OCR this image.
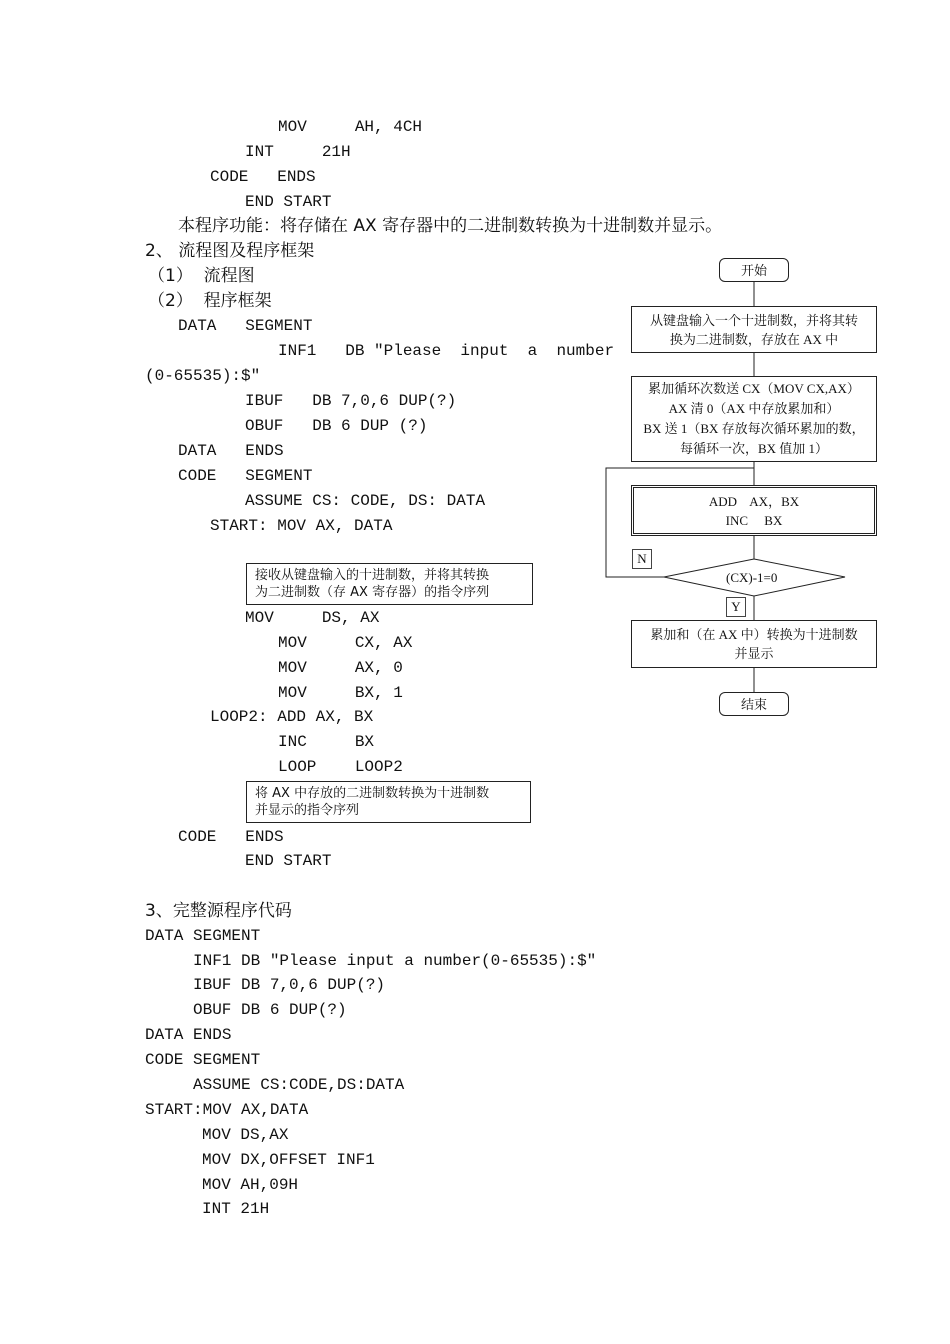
MOV     AH, 4CH
INT     21H
CODE   ENDS
END START
本程序功能：将存储在 AX 寄存器中的二进制数转换为十进制数并显示。
2、 流程图及程序框架
（1）  流程图
（2）  程序框架
DATA   SEGMENT
INF1   DB "Please  input  a  number
(0-65535):$"
IBUF   DB 7,0,6 DUP(?)
OBUF   DB 6 DUP (?)
DATA   ENDS
CODE   SEGMENT
ASSUME CS: CODE, DS: DATA
START: MOV AX, DATA
接收从键盘输入的十进制数，并将其转换
为二进制数（存 AX 寄存器）的指令序列
MOV     DS, AX
MOV     CX, AX
MOV     AX, 0
MOV     BX, 1
LOOP2: ADD AX, BX
INC     BX
LOOP    LOOP2
将 AX 中存放的二进制数转换为十进制数
并显示的指令序列
CODE   ENDS
END START
3、完整源程序代码
DATA SEGMENT
INF1 DB "Please input a number(0-65535):$"
IBUF DB 7,0,6 DUP(?)
OBUF DB 6 DUP(?)
DATA ENDS
CODE SEGMENT
ASSUME CS:CODE,DS:DATA
START:MOV AX,DATA
MOV DS,AX
MOV DX,OFFSET INF1
MOV AH,09H
INT 21H
开始
从键盘输入一个十进制数，并将其转
换为二进制数，存放在 AX 中
累加循环次数送 CX（MOV CX,AX）
AX 清 0（AX 中存放累加和）
BX 送 1（BX 存放每次循环累加的数，
每循环一次，BX 值加 1）
ADD    AX，BX
INC     BX
(CX)-1=0
N
Y
累加和（在 AX 中）转换为十进制数
并显示
结束
